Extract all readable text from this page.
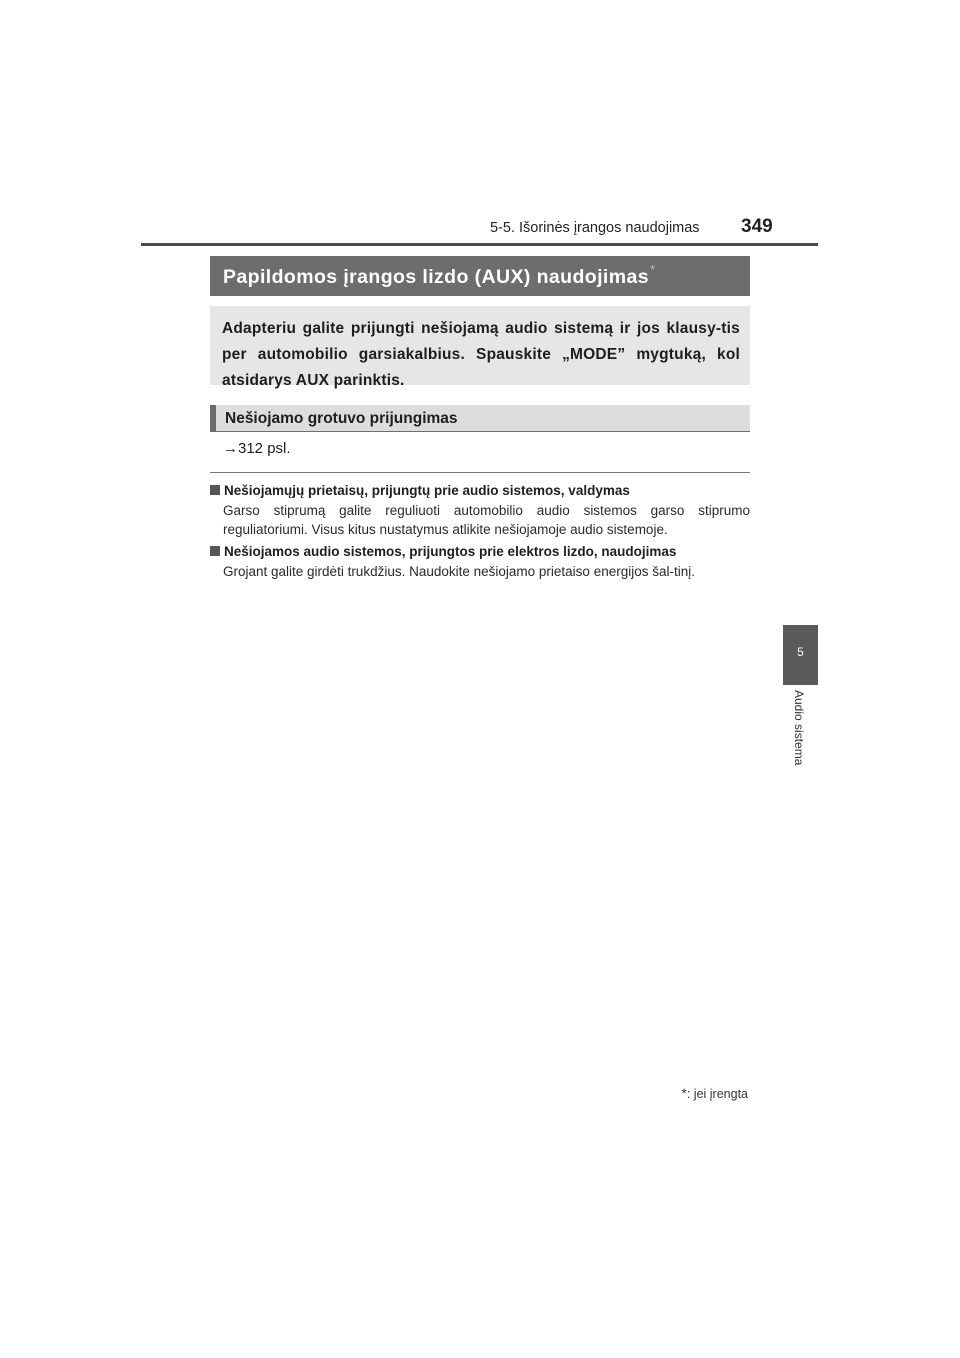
5-5. Išorinės įrangos naudojimas 349
5
Audio sistema
Papildomos įrangos lizdo (AUX) naudojimas*
Adapteriu galite prijungti nešiojamą audio sistemą ir jos klausy-tis per automobilio garsiakalbius. Spauskite „MODE” mygtuką, kol atsidarys AUX parinktis.
Nešiojamo grotuvo prijungimas
→312 psl.
Nešiojamųjų prietaisų, prijungtų prie audio sistemos, valdymas
Garso stiprumą galite reguliuoti automobilio audio sistemos garso stiprumo reguliatoriumi. Visus kitus nustatymus atlikite nešiojamoje audio sistemoje.
Nešiojamos audio sistemos, prijungtos prie elektros lizdo, naudojimas
Grojant galite girdėti trukdžius. Naudokite nešiojamo prietaiso energijos šal-tinį.
*: jei įrengta
